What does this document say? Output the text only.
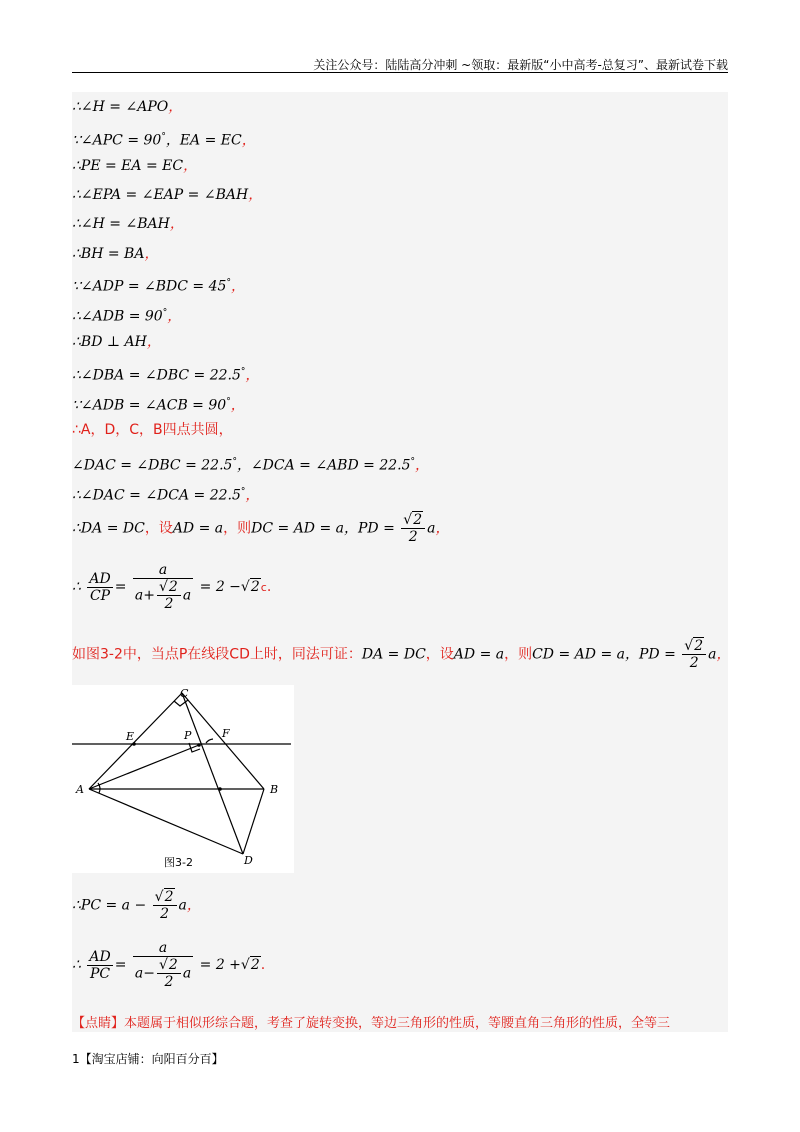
关注公众号：陆陆高分冲刺 ~领取：最新版“小中高考-总复习”、最新试卷下载
∴∠H = ∠APO，
∵∠APC = 90°，EA = EC，
∴PE = EA = EC，
∴∠EPA = ∠EAP = ∠BAH，
∴∠H = ∠BAH，
∴BH = BA，
∵∠ADP = ∠BDC = 45°，
∴∠ADB = 90°，
∴BD ⊥ AH，
∴∠DBA = ∠DBC = 22.5°，
∵∠ADB = ∠ACB = 90°，
∴A，D，C，B四点共圆，
∠DAC = ∠DBC = 22.5°，∠DCA = ∠ABD = 22.5°，
∴∠DAC = ∠DCA = 22.5°，
∴DA = DC，设AD = a，则DC = AD = a，PD = $\frac{√2}{2}$ a，
∴ $\frac{AD}{CP} = \frac{a}{a+ \frac{√2}{2} a} = 2 -√2c$.
如图3-2中，当点P在线段CD上时，同法可证：DA = DC，设AD = a，则CD = AD = a，PD = $\frac{√2}{2}$ a，
C
E	P	F
A	B
D
图3-2
∴PC = $a - \frac{√2}{2}$ a，
∴ $\frac{AD}{PC} = \frac{a}{a- \frac{√2}{2} a} = 2 +√2$.
【点睛】本题属于相似形综合题，考查了旋转变换，等边三角形的性质，等腰直角三角形的性质，全等三
1【淘宝店铺：向阳百分百】
